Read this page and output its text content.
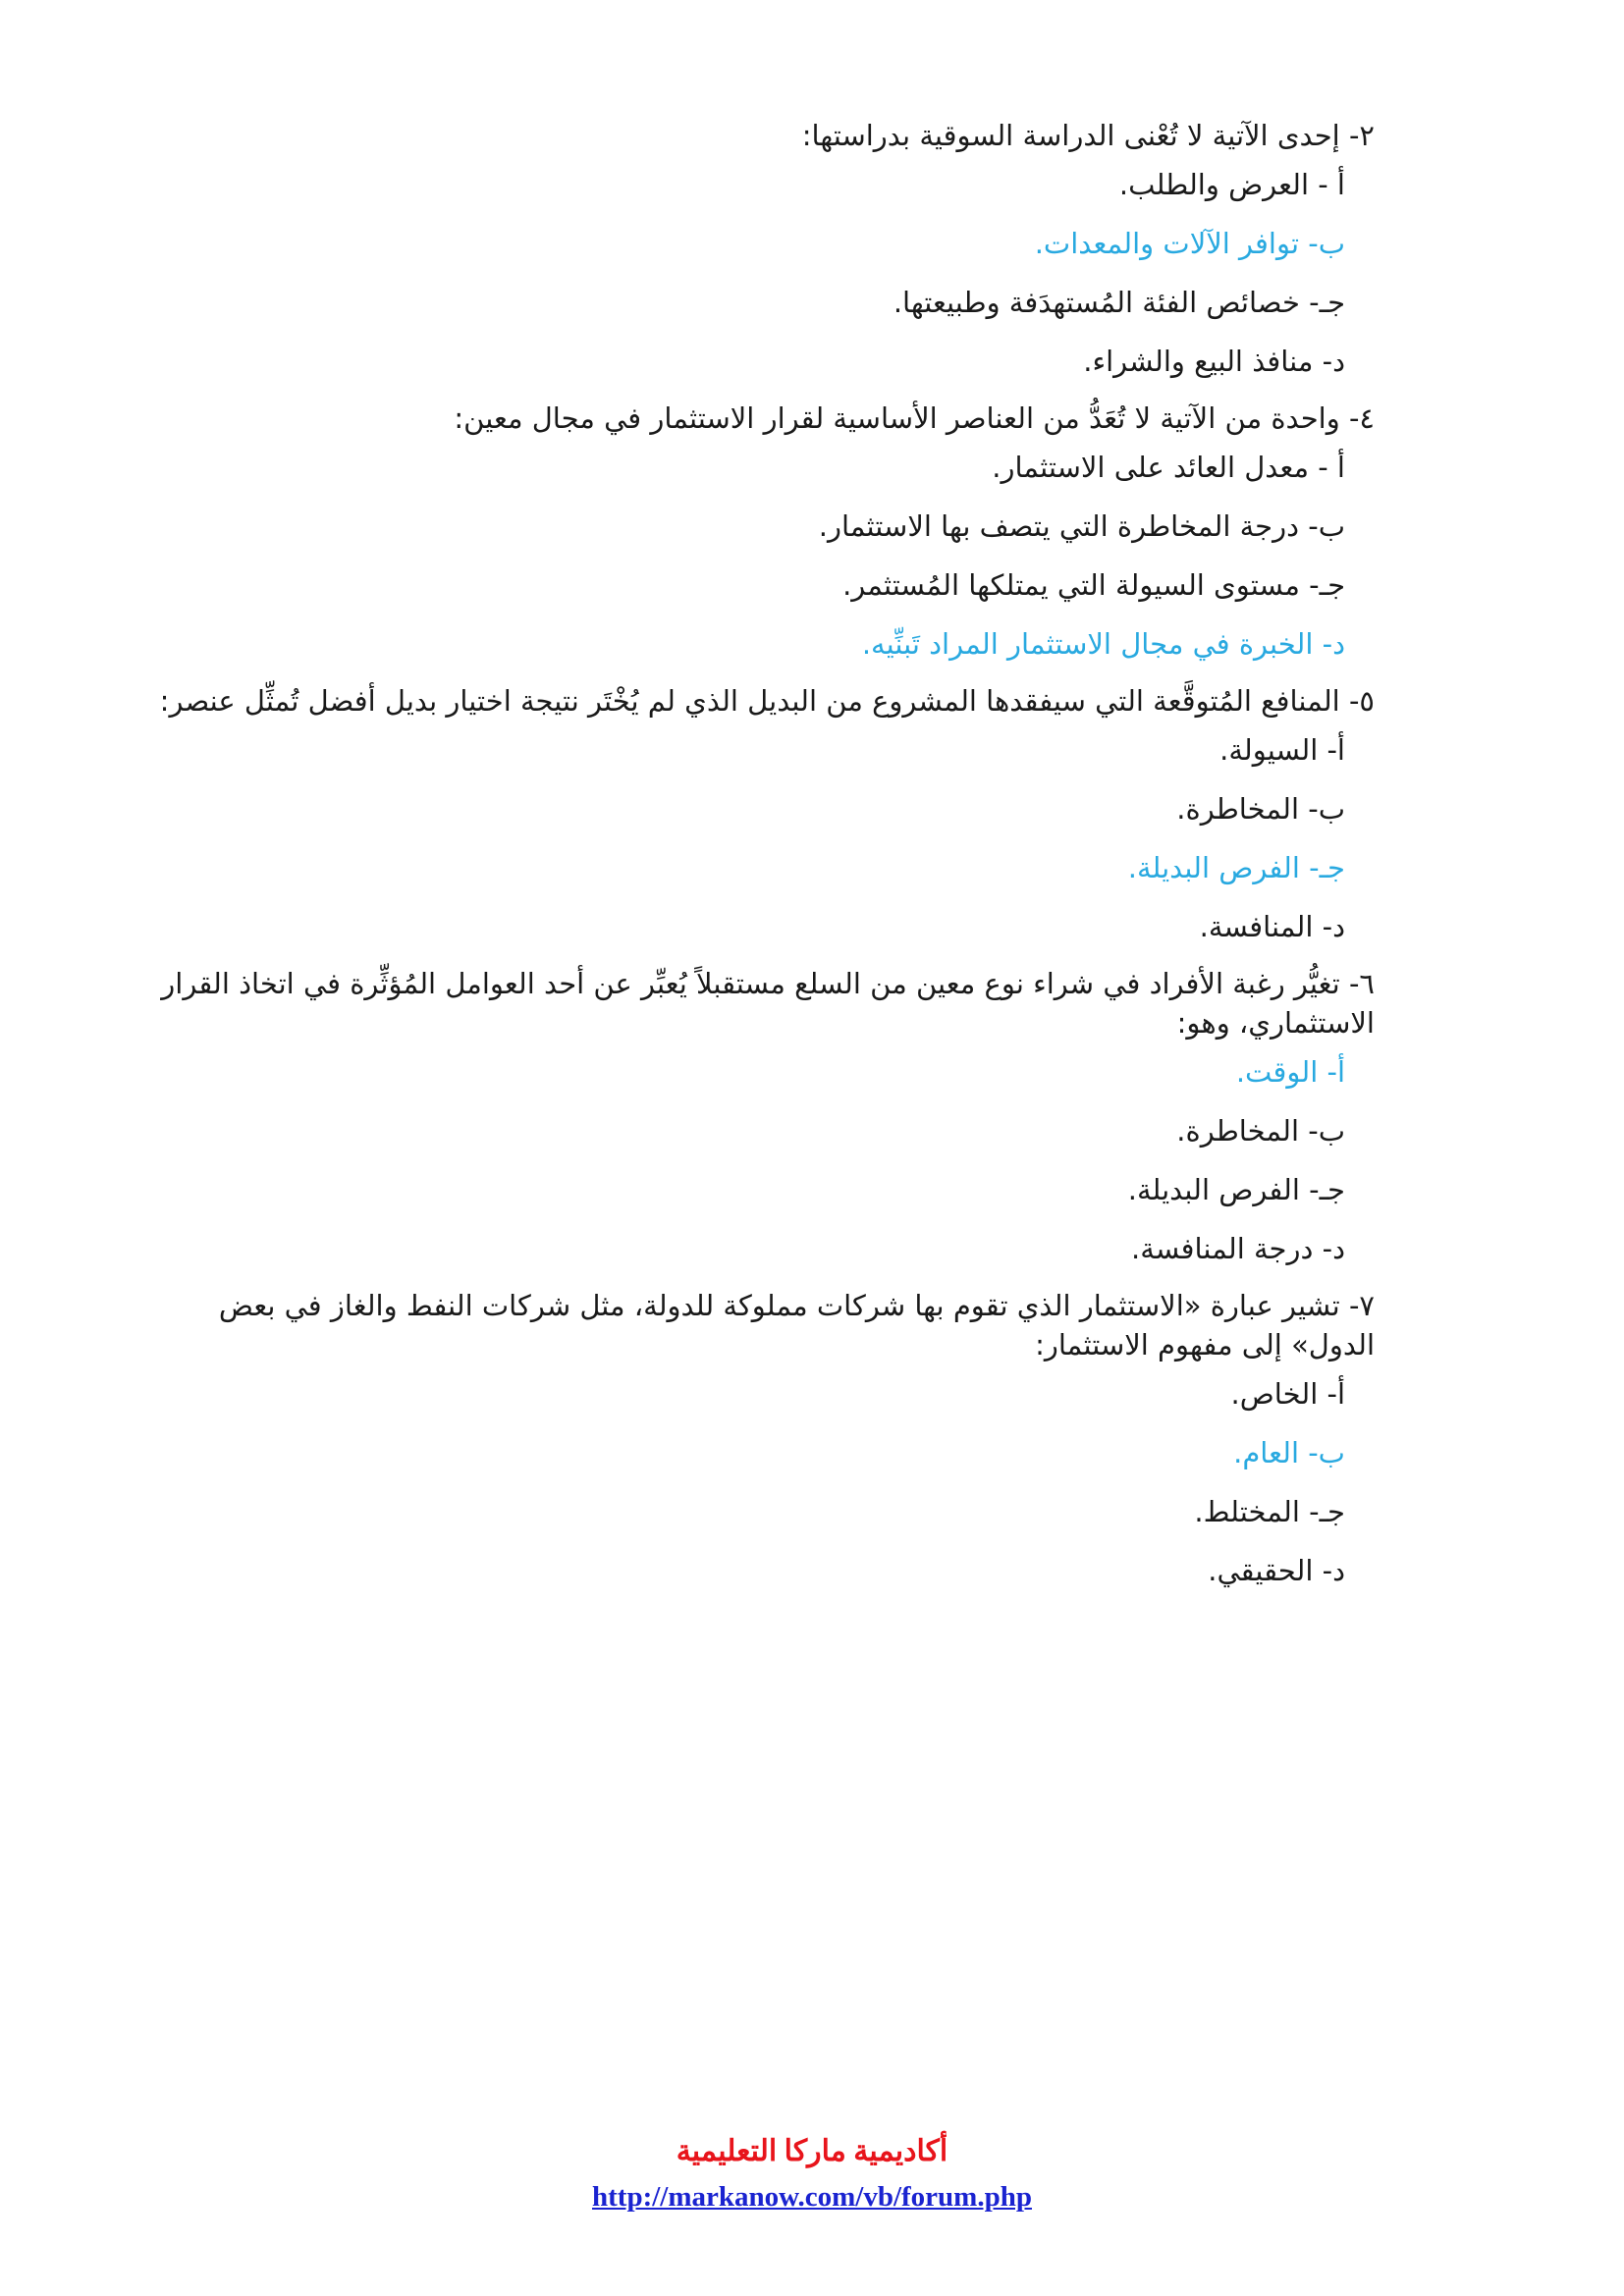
٢- إحدى الآتية لا تُعْنى الدراسة السوقية بدراستها:

أ - العرض والطلب.

ب- توافر الآلات والمعدات.

جـ- خصائص الفئة المُستهدَفة وطبيعتها.

د- منافذ البيع والشراء.

٤- واحدة من الآتية لا تُعَدُّ من العناصر الأساسية لقرار الاستثمار في مجال معين:

أ - معدل العائد على الاستثمار.

ب- درجة المخاطرة التي يتصف بها الاستثمار.

جـ- مستوى السيولة التي يمتلكها المُستثمر.

د- الخبرة في مجال الاستثمار المراد تَبنِّيه.

٥- المنافع المُتوقَّعة التي سيفقدها المشروع من البديل الذي لم يُخْتَر نتيجة اختيار بديل أفضل تُمثِّل عنصر:

أ- السيولة.

ب- المخاطرة.

جـ- الفرص البديلة.

د- المنافسة.

٦- تغيُّر رغبة الأفراد في شراء نوع معين من السلع مستقبلاً يُعبِّر عن أحد العوامل المُؤثِّرة في اتخاذ القرار الاستثماري، وهو:

أ- الوقت.

ب- المخاطرة.

جـ- الفرص البديلة.

د- درجة المنافسة.

٧- تشير عبارة «الاستثمار الذي تقوم بها شركات مملوكة للدولة، مثل شركات النفط والغاز في بعض الدول» إلى مفهوم الاستثمار:

أ- الخاص.

ب- العام.

جـ- المختلط.

د- الحقيقي.

أكاديمية ماركا التعليمية
http://markanow.com/vb/forum.php
